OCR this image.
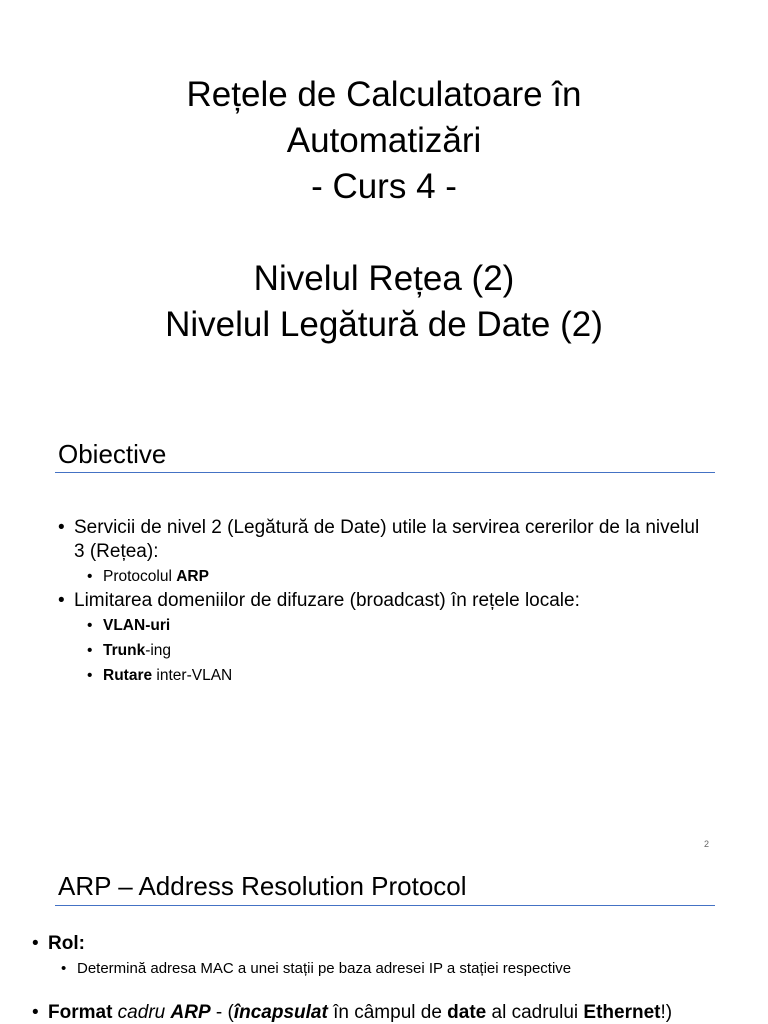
Rețele de Calculatoare în
Automatizări
- Curs 4 -
Nivelul Rețea (2)
Nivelul Legătură de Date (2)
Obiective
• Servicii de nivel 2 (Legătură de Date) utile la servirea cererilor de la nivelul 3 (Rețea):
• Protocolul ARP
• Limitarea domeniilor de difuzare (broadcast) în rețele locale:
• VLAN-uri
• Trunk-ing
• Rutare inter-VLAN
2
ARP – Address Resolution Protocol
• Rol:
• Determină adresa MAC a unei stații pe baza adresei IP a stației respective
• Format cadru ARP - (încapsulat în câmpul de date al cadrului Ethernet!)
